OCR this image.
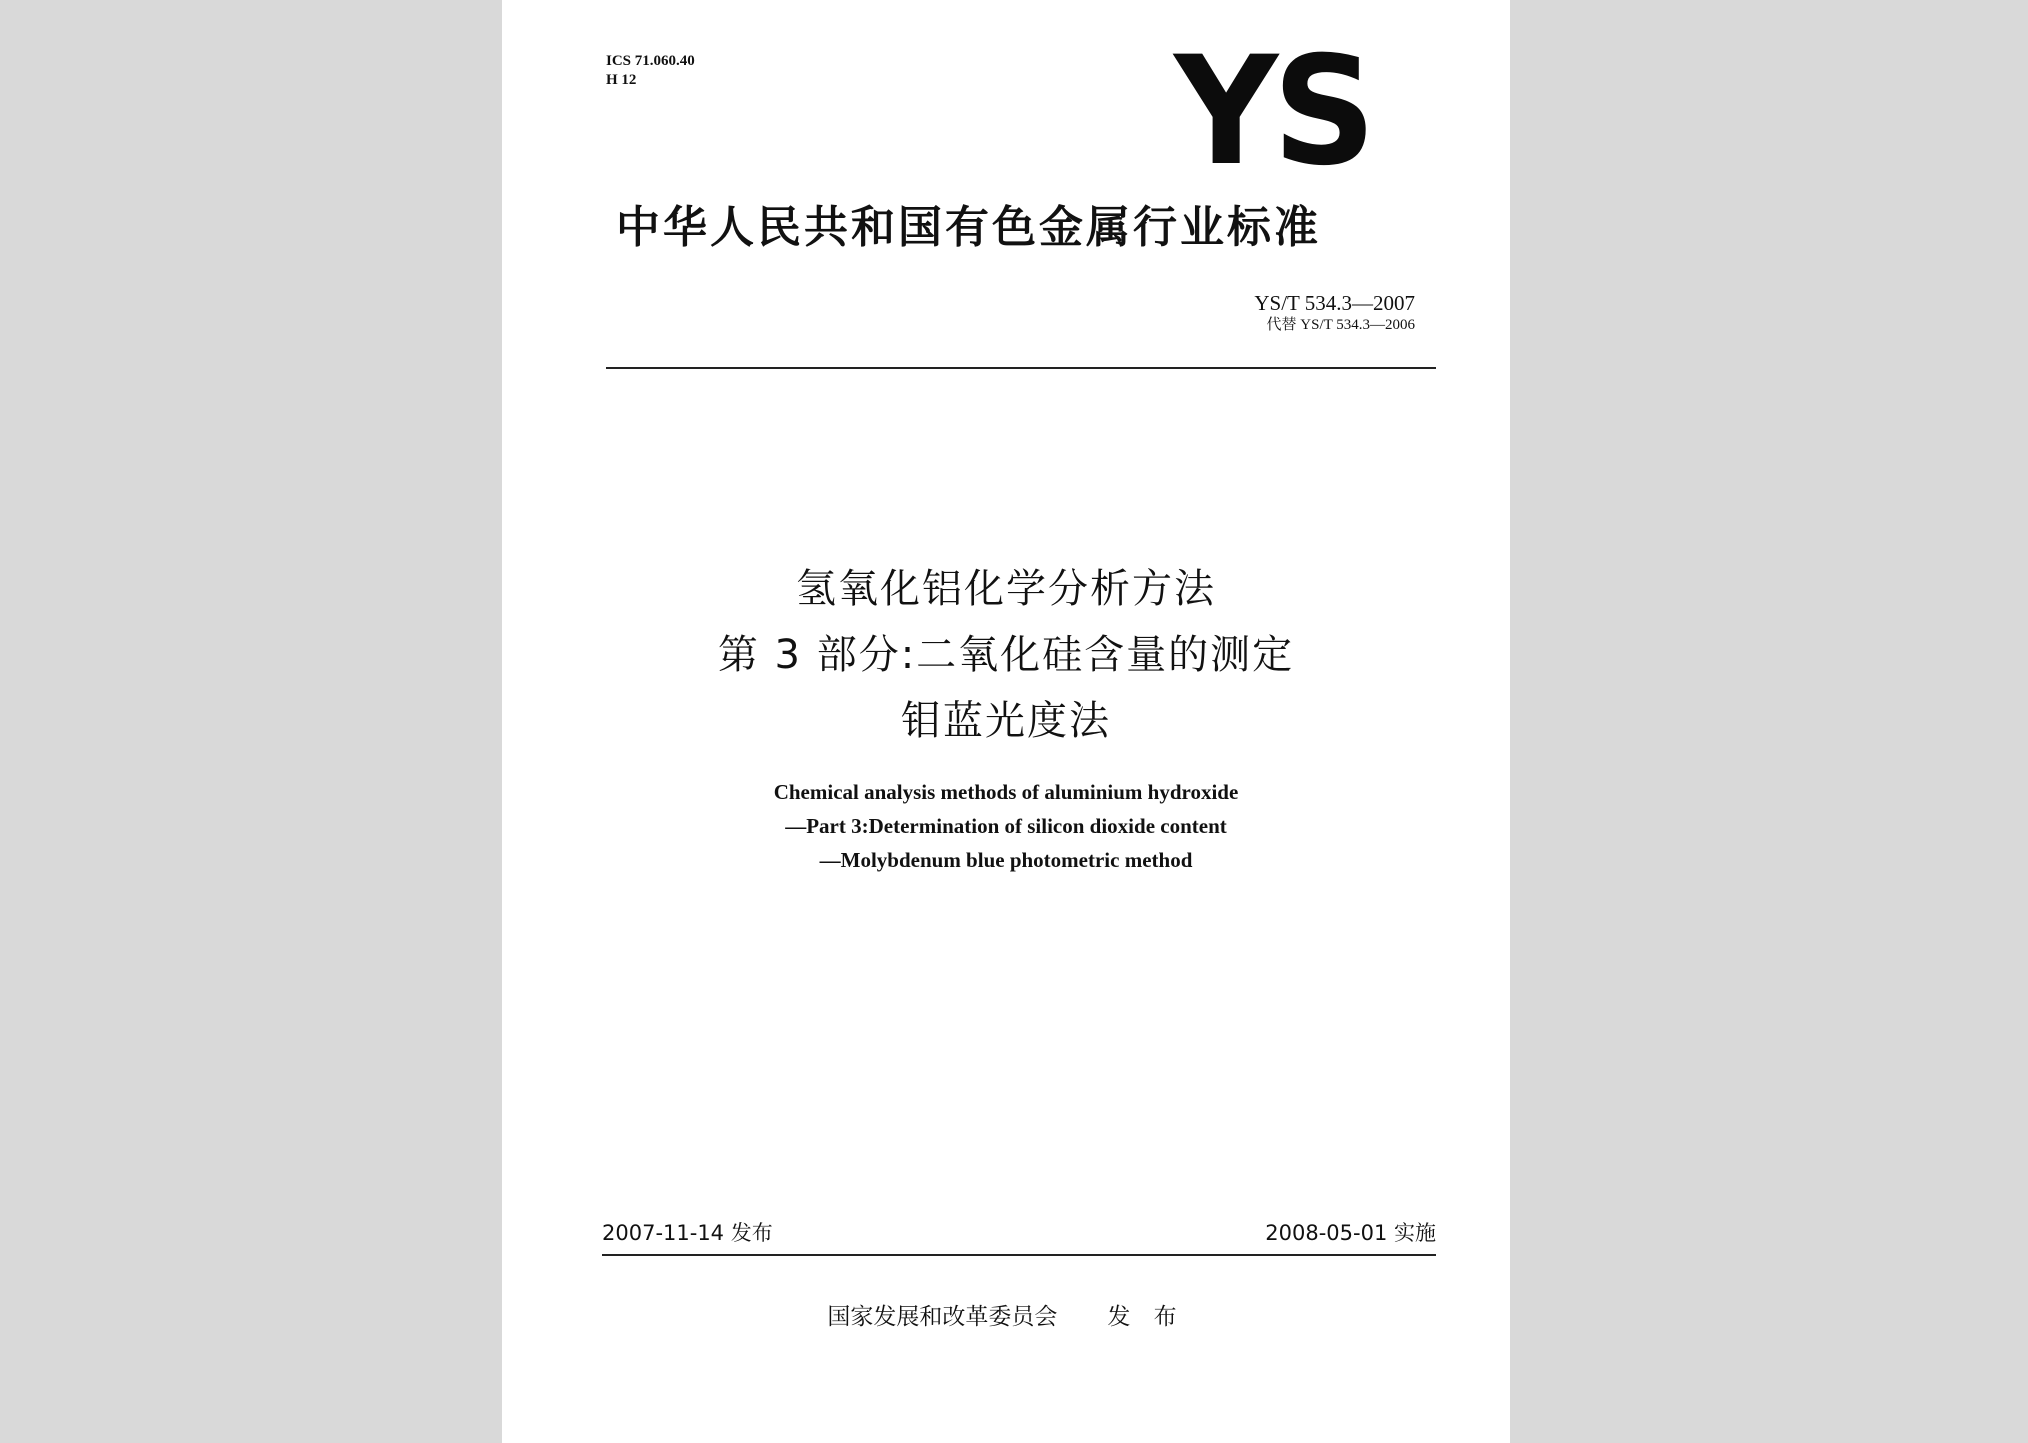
ICS 71.060.40
H 12	YS
中华人民共和国有色金属行业标准
YS/T 534.3—2007
代替 YS/T 534.3—2006
氢氧化铝化学分析方法
第 3 部分:二氧化硅含量的测定
钼蓝光度法
Chemical analysis methods of aluminium hydroxide
—Part 3:Determination of silicon dioxide content
—Molybdenum blue photometric method
2007-11-14 发布	2008-05-01 实施
国家发展和改革委员会 发 布
